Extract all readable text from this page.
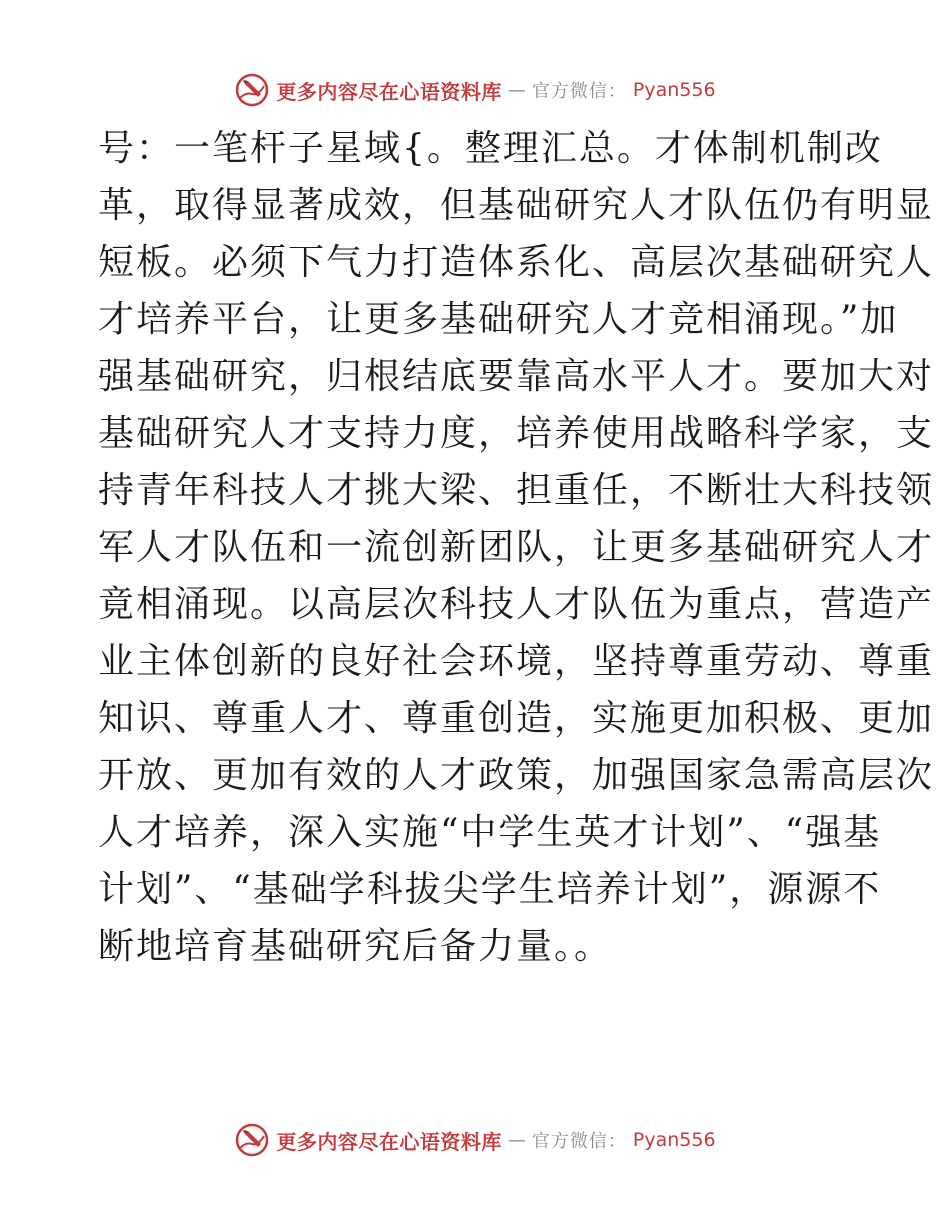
更多内容尽在心语资料库 — 官方微信： Pyan556
号：一笔杆子星域{。整理汇总。才体制机制改
革，取得显著成效，但基础研究人才队伍仍有明显
短板。必须下气力打造体系化、高层次基础研究人
才培养平台，让更多基础研究人才竞相涌现。”加
强基础研究，归根结底要靠高水平人才。要加大对
基础研究人才支持力度，培养使用战略科学家，支
持青年科技人才挑大梁、担重任，不断壮大科技领
军人才队伍和一流创新团队，让更多基础研究人才
竟相涌现。以高层次科技人才队伍为重点，营造产
业主体创新的良好社会环境，坚持尊重劳动、尊重
知识、尊重人才、尊重创造，实施更加积极、更加
开放、更加有效的人才政策，加强国家急需高层次
人才培养，深入实施“中学生英才计划”、“强基
计划”、“基础学科拔尖学生培养计划”，源源不
断地培育基础研究后备力量。。
更多内容尽在心语资料库 — 官方微信： Pyan556
